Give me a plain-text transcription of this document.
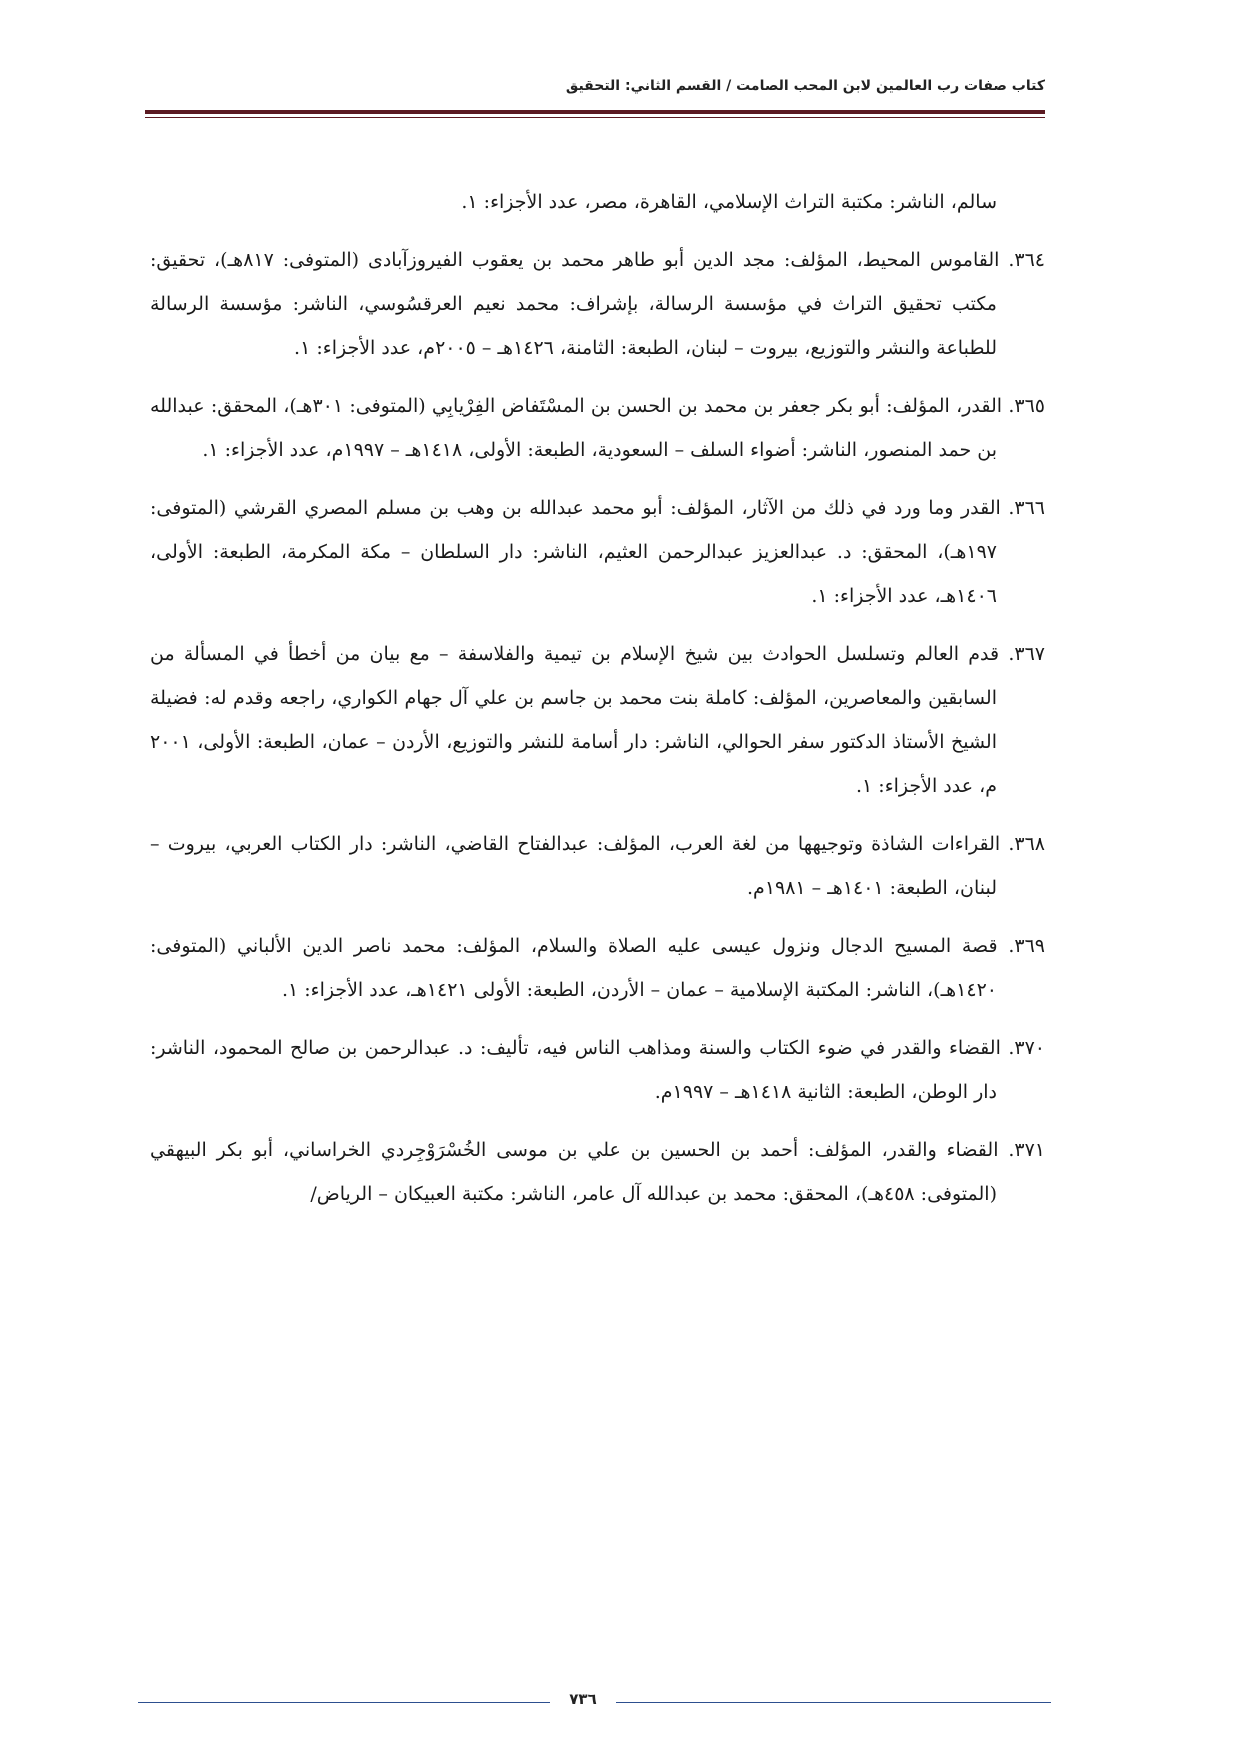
كتاب صفات رب العالمين لابن المحب الصامت / القسم الثاني: التحقيق

سالم، الناشر: مكتبة التراث الإسلامي، القاهرة، مصر، عدد الأجزاء: ١.

٣٦٤. القاموس المحيط، المؤلف: مجد الدين أبو طاهر محمد بن يعقوب الفيروزآبادى (المتوفى: ٨١٧هـ)، تحقيق: مكتب تحقيق التراث في مؤسسة الرسالة، بإشراف: محمد نعيم العرقسُوسي، الناشر: مؤسسة الرسالة للطباعة والنشر والتوزيع، بيروت – لبنان، الطبعة: الثامنة، ١٤٢٦هـ – ٢٠٠٥م، عدد الأجزاء: ١.

٣٦٥. القدر، المؤلف: أبو بكر جعفر بن محمد بن الحسن بن المسْتَفاض الفِرْيابِي (المتوفى: ٣٠١هـ)، المحقق: عبدالله بن حمد المنصور، الناشر: أضواء السلف – السعودية، الطبعة: الأولى، ١٤١٨هـ – ١٩٩٧م، عدد الأجزاء: ١.

٣٦٦. القدر وما ورد في ذلك من الآثار، المؤلف: أبو محمد عبدالله بن وهب بن مسلم المصري القرشي (المتوفى: ١٩٧هـ)، المحقق: د. عبدالعزيز عبدالرحمن العثيم، الناشر: دار السلطان – مكة المكرمة، الطبعة: الأولى، ١٤٠٦هـ، عدد الأجزاء: ١.

٣٦٧. قدم العالم وتسلسل الحوادث بين شيخ الإسلام بن تيمية والفلاسفة – مع بيان من أخطأ في المسألة من السابقين والمعاصرين، المؤلف: كاملة بنت محمد بن جاسم بن علي آل جهام الكواري، راجعه وقدم له: فضيلة الشيخ الأستاذ الدكتور سفر الحوالي، الناشر: دار أسامة للنشر والتوزيع، الأردن – عمان، الطبعة: الأولى، ٢٠٠١ م، عدد الأجزاء: ١.

٣٦٨. القراءات الشاذة وتوجيهها من لغة العرب، المؤلف: عبدالفتاح القاضي، الناشر: دار الكتاب العربي، بيروت – لبنان، الطبعة: ١٤٠١هـ – ١٩٨١م.

٣٦٩. قصة المسيح الدجال ونزول عيسى عليه الصلاة والسلام، المؤلف: محمد ناصر الدين الألباني (المتوفى: ١٤٢٠هـ)، الناشر: المكتبة الإسلامية – عمان – الأردن، الطبعة: الأولى ١٤٢١هـ، عدد الأجزاء: ١.

٣٧٠. القضاء والقدر في ضوء الكتاب والسنة ومذاهب الناس فيه، تأليف: د. عبدالرحمن بن صالح المحمود، الناشر: دار الوطن، الطبعة: الثانية ١٤١٨هـ – ١٩٩٧م.

٣٧١. القضاء والقدر، المؤلف: أحمد بن الحسين بن علي بن موسى الخُسْرَوْجِردي الخراساني، أبو بكر البيهقي (المتوفى: ٤٥٨هـ)، المحقق: محمد بن عبدالله آل عامر، الناشر: مكتبة العبيكان – الرياض/

٧٣٦
